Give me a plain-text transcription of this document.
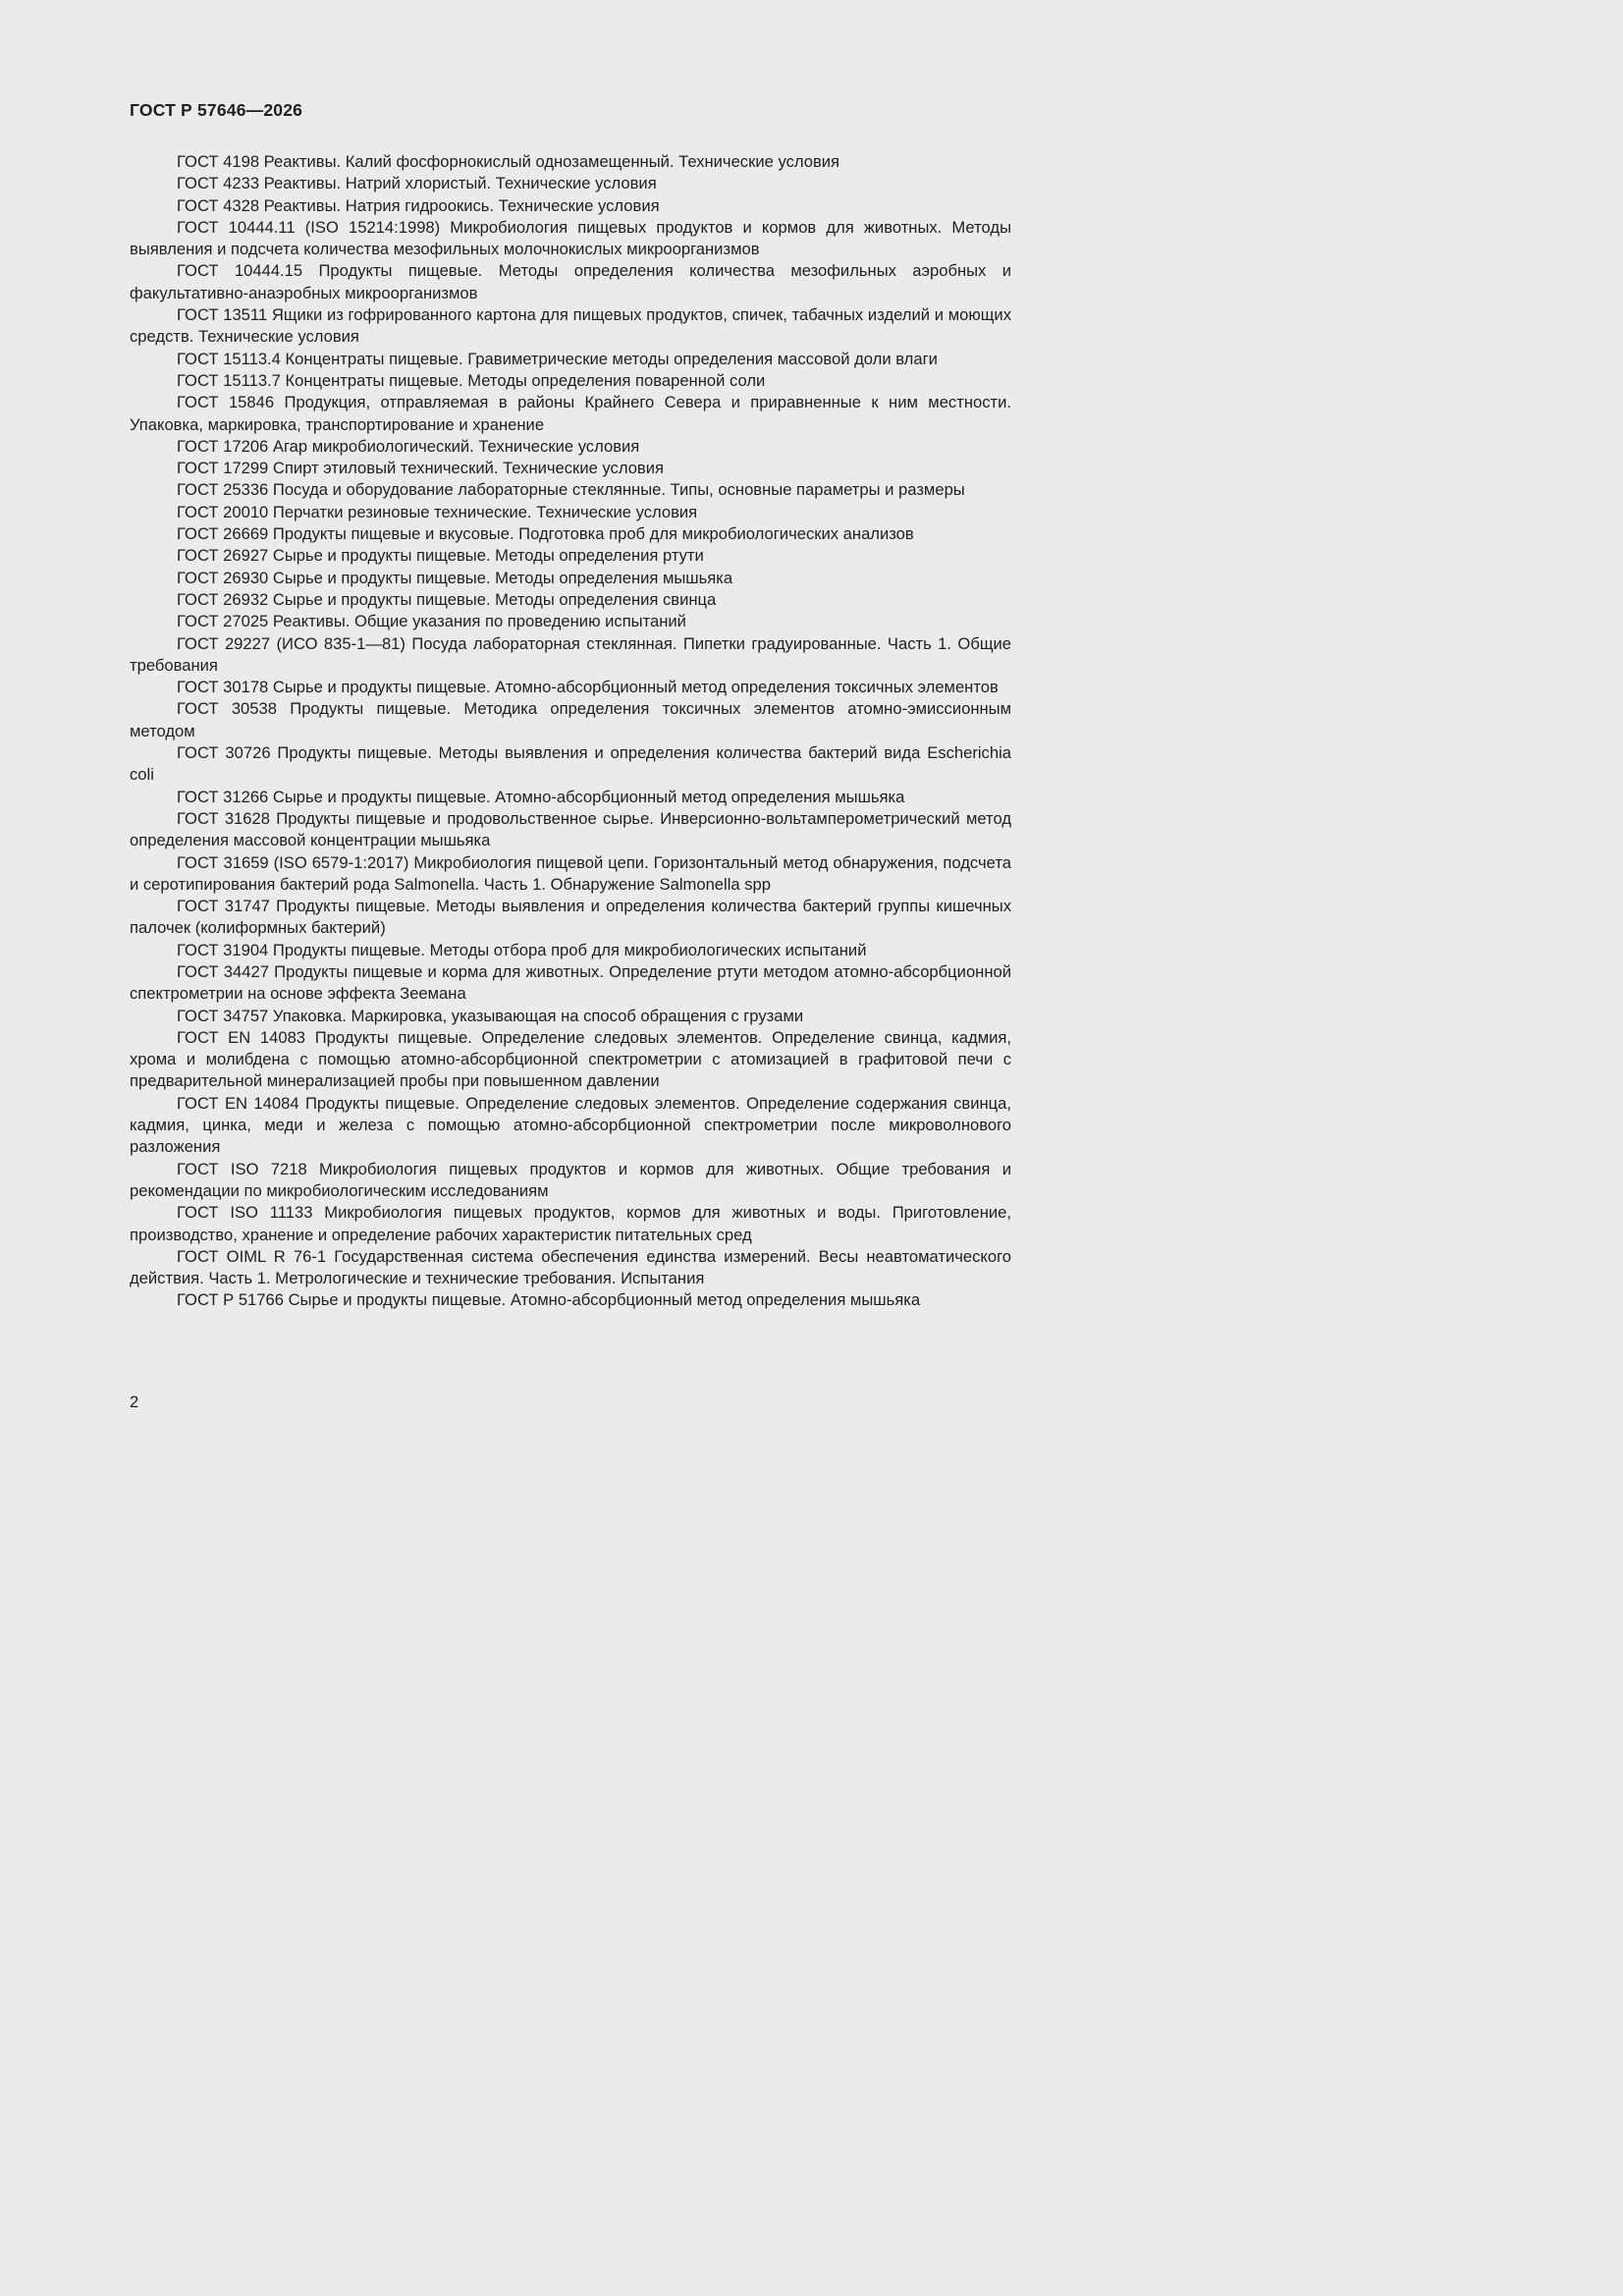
ГОСТ Р 57646—2026

ГОСТ 4198 Реактивы. Калий фосфорнокислый однозамещенный. Технические условия

ГОСТ 4233 Реактивы. Натрий хлористый. Технические условия

ГОСТ 4328 Реактивы. Натрия гидроокись. Технические условия

ГОСТ 10444.11 (ISO 15214:1998) Микробиология пищевых продуктов и кормов для животных. Методы выявления и подсчета количества мезофильных молочнокислых микроорганизмов

ГОСТ 10444.15 Продукты пищевые. Методы определения количества мезофильных аэробных и факультативно-анаэробных микроорганизмов

ГОСТ 13511 Ящики из гофрированного картона для пищевых продуктов, спичек, табачных изделий и моющих средств. Технические условия

ГОСТ 15113.4 Концентраты пищевые. Гравиметрические методы определения массовой доли влаги

ГОСТ 15113.7 Концентраты пищевые. Методы определения поваренной соли

ГОСТ 15846 Продукция, отправляемая в районы Крайнего Севера и приравненные к ним местности. Упаковка, маркировка, транспортирование и хранение

ГОСТ 17206 Агар микробиологический. Технические условия

ГОСТ 17299 Спирт этиловый технический. Технические условия

ГОСТ 25336 Посуда и оборудование лабораторные стеклянные. Типы, основные параметры и размеры

ГОСТ 20010 Перчатки резиновые технические. Технические условия

ГОСТ 26669 Продукты пищевые и вкусовые. Подготовка проб для микробиологических анализов

ГОСТ 26927 Сырье и продукты пищевые. Методы определения ртути

ГОСТ 26930 Сырье и продукты пищевые. Методы определения мышьяка

ГОСТ 26932 Сырье и продукты пищевые. Методы определения свинца

ГОСТ 27025 Реактивы. Общие указания по проведению испытаний

ГОСТ 29227 (ИСО 835-1—81) Посуда лабораторная стеклянная. Пипетки градуированные. Часть 1. Общие требования

ГОСТ 30178 Сырье и продукты пищевые. Атомно-абсорбционный метод определения токсичных элементов

ГОСТ 30538 Продукты пищевые. Методика определения токсичных элементов атомно-эмиссионным методом

ГОСТ 30726 Продукты пищевые. Методы выявления и определения количества бактерий вида Escherichia coli

ГОСТ 31266 Сырье и продукты пищевые. Атомно-абсорбционный метод определения мышьяка

ГОСТ 31628 Продукты пищевые и продовольственное сырье. Инверсионно-вольтамперометрический метод определения массовой концентрации мышьяка

ГОСТ 31659 (ISO 6579-1:2017) Микробиология пищевой цепи. Горизонтальный метод обнаружения, подсчета и серотипирования бактерий рода Salmonella. Часть 1. Обнаружение Salmonella spp

ГОСТ 31747 Продукты пищевые. Методы выявления и определения количества бактерий группы кишечных палочек (колиформных бактерий)

ГОСТ 31904 Продукты пищевые. Методы отбора проб для микробиологических испытаний

ГОСТ 34427 Продукты пищевые и корма для животных. Определение ртути методом атомно-абсорбционной спектрометрии на основе эффекта Зеемана

ГОСТ 34757 Упаковка. Маркировка, указывающая на способ обращения с грузами

ГОСТ EN 14083 Продукты пищевые. Определение следовых элементов. Определение свинца, кадмия, хрома и молибдена с помощью атомно-абсорбционной спектрометрии с атомизацией в графитовой печи с предварительной минерализацией пробы при повышенном давлении

ГОСТ EN 14084 Продукты пищевые. Определение следовых элементов. Определение содержания свинца, кадмия, цинка, меди и железа с помощью атомно-абсорбционной спектрометрии после микроволнового разложения

ГОСТ ISO 7218 Микробиология пищевых продуктов и кормов для животных. Общие требования и рекомендации по микробиологическим исследованиям

ГОСТ ISO 11133 Микробиология пищевых продуктов, кормов для животных и воды. Приготовление, производство, хранение и определение рабочих характеристик питательных сред

ГОСТ OIML R 76-1 Государственная система обеспечения единства измерений. Весы неавтоматического действия. Часть 1. Метрологические и технические требования. Испытания

ГОСТ Р 51766 Сырье и продукты пищевые. Атомно-абсорбционный метод определения мышьяка

2
